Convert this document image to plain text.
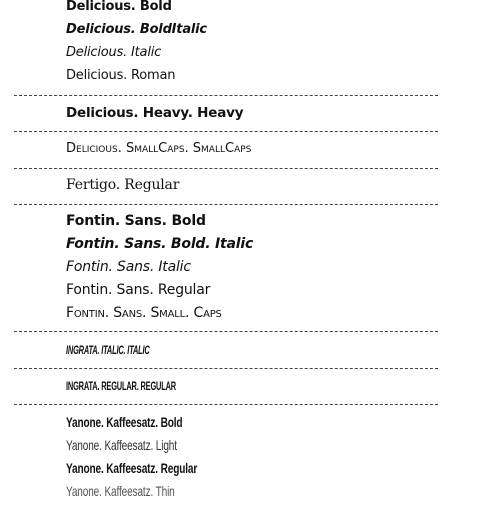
Delicious. Bold
Delicious. BoldItalic
Delicious. Italic
Delicious. Roman
Delicious. Heavy. Heavy
Delicious. SmallCaps. SmallCaps
Fertigo. Regular
Fontin. Sans. Bold
Fontin. Sans. Bold. Italic
Fontin. Sans. Italic
Fontin. Sans. Regular
Fontin. Sans. Small. Caps
INGRATA. ITALIC. ITALIC
INGRATA. REGULAR. REGULAR
Yanone. Kaffeesatz. Bold
Yanone. Kaffeesatz. Light
Yanone. Kaffeesatz. Regular
Yanone. Kaffeesatz. Thin
